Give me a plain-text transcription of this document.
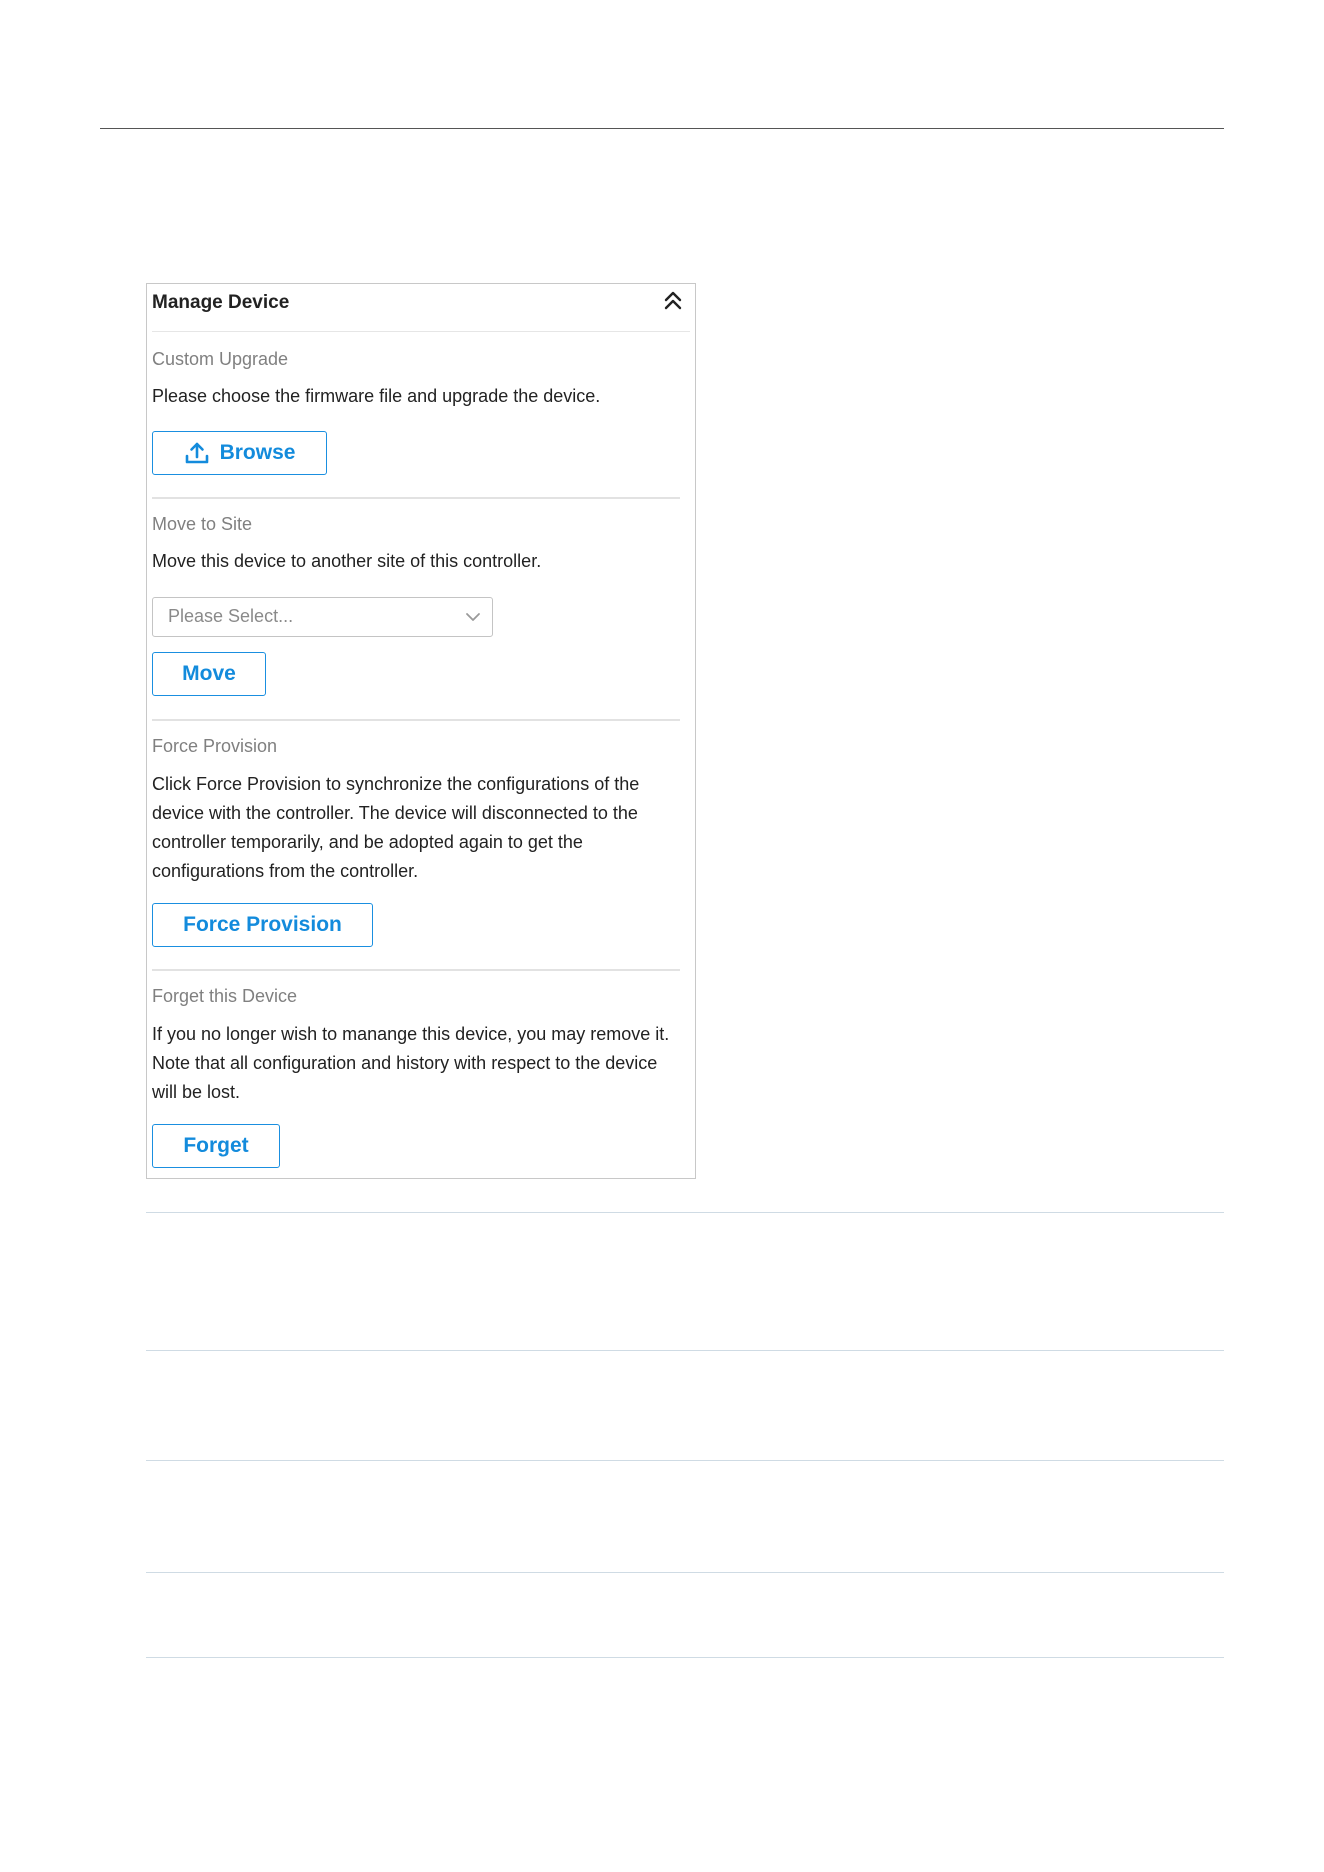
Manage Device
Custom Upgrade
Please choose the firmware file and upgrade the device.
Browse
Move to Site
Move this device to another site of this controller.
Please Select...
Move
Force Provision
Click Force Provision to synchronize the configurations of the device with the controller. The device will disconnected to the controller temporarily, and be adopted again to get the configurations from the controller.
Force Provision
Forget this Device
If you no longer wish to manange this device, you may remove it. Note that all configuration and history with respect to the device will be lost.
Forget
